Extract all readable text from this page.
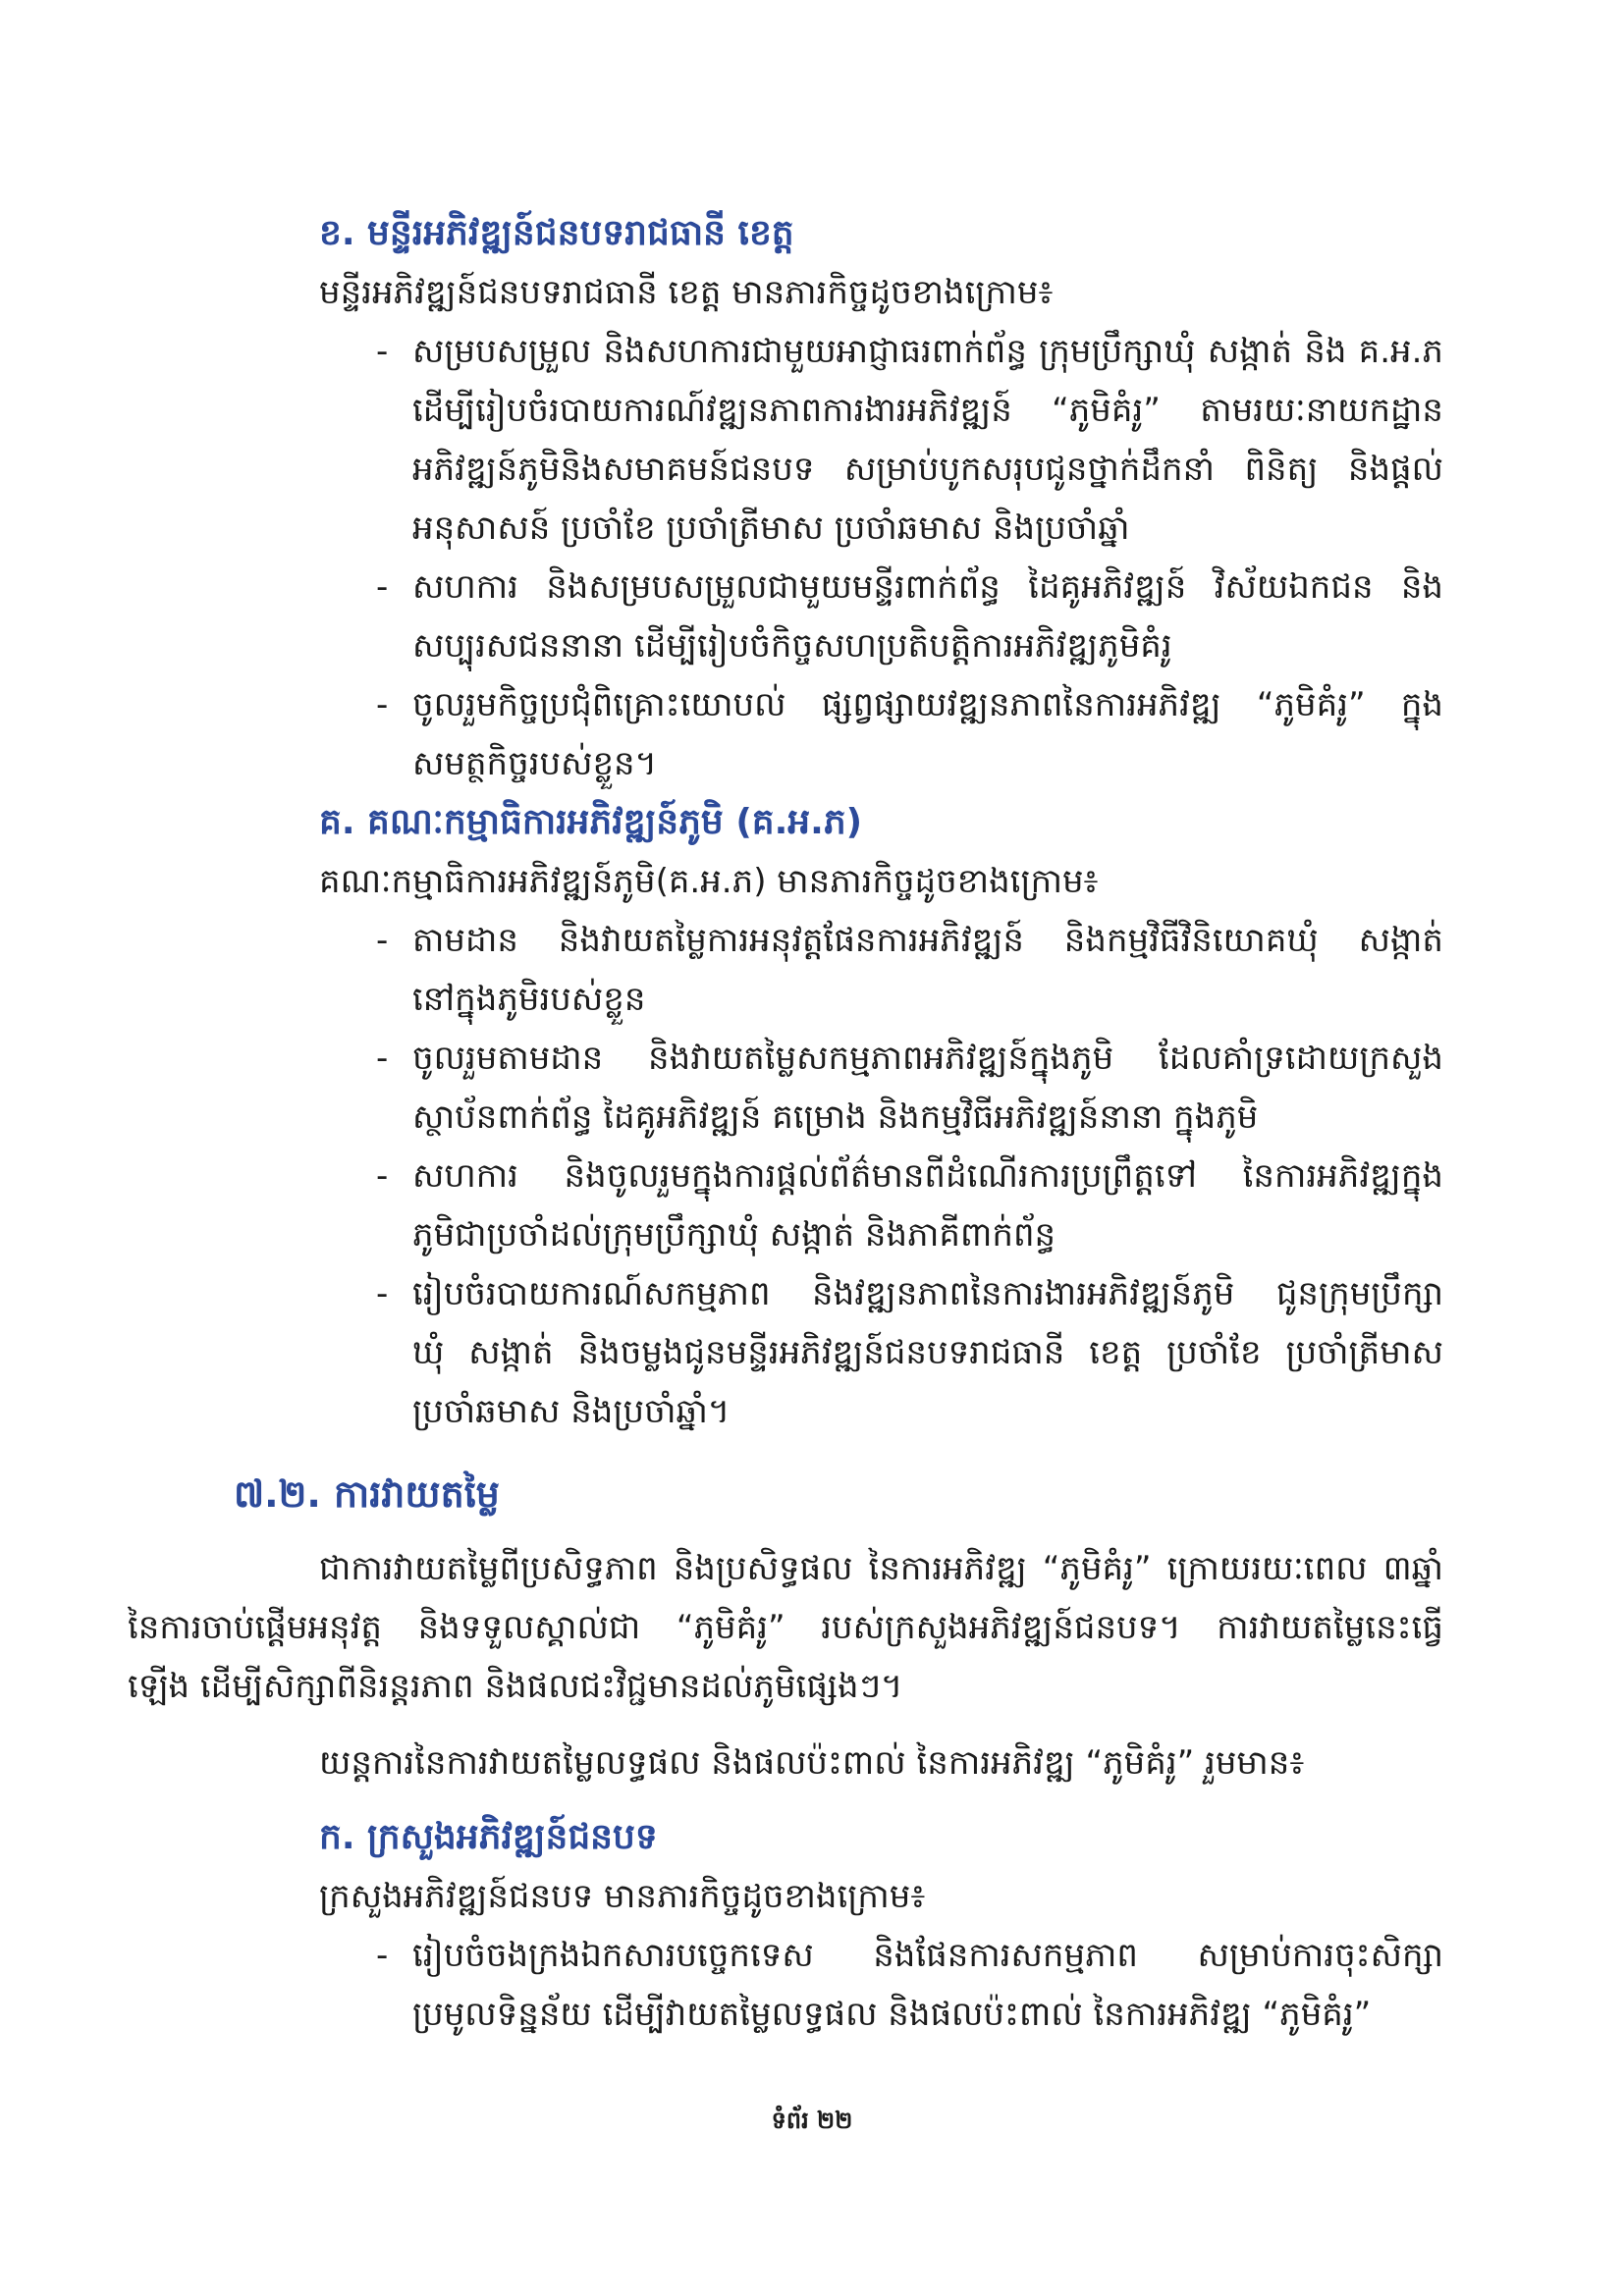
ខ. មន្ទីរអភិវឌ្ឍន៍ជនបទរាជធានី ខេត្ត
មន្ទីរអភិវឌ្ឍន៍ជនបទរាជធានី ខេត្ត មានភារកិច្ចដូចខាងក្រោម៖
- សម្របសម្រួល និងសហការជាមួយអាជ្ញាធរពាក់ព័ន្ធ ក្រុមប្រឹក្សាឃុំ សង្កាត់ និង គ.អ.ភ
ដើម្បីរៀបចំរបាយការណ៍វឌ្ឍនភាពការងារអភិវឌ្ឍន៍ “ភូមិគំរូ” តាមរយៈនាយកដ្ឋាន
អភិវឌ្ឍន៍ភូមិនិងសមាគមន៍ជនបទ សម្រាប់បូកសរុបជូនថ្នាក់ដឹកនាំ ពិនិត្យ និងផ្តល់
អនុសាសន៍ ប្រចាំខែ ប្រចាំត្រីមាស ប្រចាំឆមាស និងប្រចាំឆ្នាំ
- សហការ និងសម្របសម្រួលជាមួយមន្ទីរពាក់ព័ន្ធ ដៃគូអភិវឌ្ឍន៍ វិស័យឯកជន និង
សប្បុរសជននានា ដើម្បីរៀបចំកិច្ចសហប្រតិបត្តិការអភិវឌ្ឍភូមិគំរូ
- ចូលរួមកិច្ចប្រជុំពិគ្រោះយោបល់ ផ្សព្វផ្សាយវឌ្ឍនភាពនៃការអភិវឌ្ឍ “ភូមិគំរូ” ក្នុង
សមត្ថកិច្ចរបស់ខ្លួន។
គ. គណៈកម្មាធិការអភិវឌ្ឍន៍ភូមិ (គ.អ.ភ)
គណៈកម្មាធិការអភិវឌ្ឍន៍ភូមិ(គ.អ.ភ) មានភារកិច្ចដូចខាងក្រោម៖
- តាមដាន និងវាយតម្លៃការអនុវត្តផែនការអភិវឌ្ឍន៍ និងកម្មវិធីវិនិយោគឃុំ សង្កាត់
នៅក្នុងភូមិរបស់ខ្លួន
- ចូលរួមតាមដាន និងវាយតម្លៃសកម្មភាពអភិវឌ្ឍន៍ក្នុងភូមិ ដែលគាំទ្រដោយក្រសួង
ស្ថាប័នពាក់ព័ន្ធ ដៃគូអភិវឌ្ឍន៍ គម្រោង និងកម្មវិធីអភិវឌ្ឍន៍នានា ក្នុងភូមិ
- សហការ និងចូលរួមក្នុងការផ្តល់ព័ត៌មានពីដំណើរការប្រព្រឹត្តទៅ នៃការអភិវឌ្ឍក្នុង
ភូមិជាប្រចាំដល់ក្រុមប្រឹក្សាឃុំ សង្កាត់ និងភាគីពាក់ព័ន្ធ
- រៀបចំរបាយការណ៍សកម្មភាព និងវឌ្ឍនភាពនៃការងារអភិវឌ្ឍន៍ភូមិ ជូនក្រុមប្រឹក្សា
ឃុំ សង្កាត់ និងចម្លងជូនមន្ទីរអភិវឌ្ឍន៍ជនបទរាជធានី ខេត្ត ប្រចាំខែ ប្រចាំត្រីមាស
ប្រចាំឆមាស និងប្រចាំឆ្នាំ។
៧.២. ការវាយតម្លៃ
ជាការវាយតម្លៃពីប្រសិទ្ធភាព និងប្រសិទ្ធផល នៃការអភិវឌ្ឍ “ភូមិគំរូ” ក្រោយរយៈពេល ៣ឆ្នាំ
នៃការចាប់ផ្តើមអនុវត្ត និងទទួលស្គាល់ជា “ភូមិគំរូ” របស់ក្រសួងអភិវឌ្ឍន៍ជនបទ។ ការវាយតម្លៃនេះធ្វើ
ឡើង ដើម្បីសិក្សាពីនិរន្តរភាព និងផលជះវិជ្ជមានដល់ភូមិផ្សេងៗ។
យន្តការនៃការវាយតម្លៃលទ្ធផល និងផលប៉ះពាល់ នៃការអភិវឌ្ឍ “ភូមិគំរូ” រួមមាន៖
ក. ក្រសួងអភិវឌ្ឍន៍ជនបទ
ក្រសួងអភិវឌ្ឍន៍ជនបទ មានភារកិច្ចដូចខាងក្រោម៖
- រៀបចំចងក្រងឯកសារបច្ចេកទេស និងផែនការសកម្មភាព សម្រាប់ការចុះសិក្សា
ប្រមូលទិន្នន័យ ដើម្បីវាយតម្លៃលទ្ធផល និងផលប៉ះពាល់ នៃការអភិវឌ្ឍ “ភូមិគំរូ”
ទំព័រ ២២
